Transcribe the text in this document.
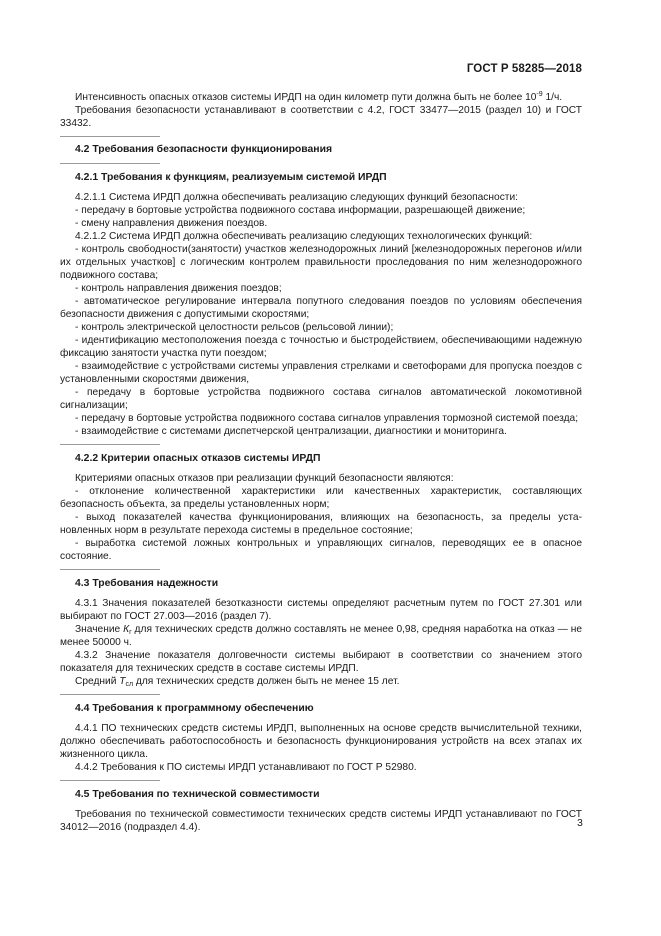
ГОСТ Р 58285—2018

Интенсивность опасных отказов системы ИРДП на один километр пути должна быть не более $10^{-9}$ 1/ч.

Требования безопасности устанавливают в соответствии с 4.2, ГОСТ 33477—2015 (раздел 10) и ГОСТ 33432.

4.2 Требования безопасности функционирования
4.2.1 Требования к функциям, реализуемым системой ИРДП

4.2.1.1 Система ИРДП должна обеспечивать реализацию следующих функций безопасности:

- передачу в бортовые устройства подвижного состава информации, разрешающей движение;

- смену направления движения поездов.

4.2.1.2 Система ИРДП должна обеспечивать реализацию следующих технологических функций:

- контроль свободности(занятости) участков железнодорожных линий [железнодорожных перегонов и/или их отдельных участков] с логическим контролем правильности проследования по ним железнодорожного подвижного состава;

- контроль направления движения поездов;

- автоматическое регулирование интервала попутного следования поездов по условиям обеспечения безопасности движения с допустимыми скоростями;

- контроль электрической целостности рельсов (рельсовой линии);

- идентификацию местоположения поезда с точностью и быстродействием, обеспечивающими надежную фиксацию занятости участка пути поездом;

- взаимодействие с устройствами системы управления стрелками и светофорами для пропуска поездов с установленными скоростями движения,

- передачу в бортовые устройства подвижного состава сигналов автоматической локомотивной сигнализации;

- передачу в бортовые устройства подвижного состава сигналов управления тормозной системой поезда;

- взаимодействие с системами диспетчерской централизации, диагностики и мониторинга.

4.2.2 Критерии опасных отказов системы ИРДП

Критериями опасных отказов при реализации функций безопасности являются:

- отклонение количественной характеристики или качественных характеристик, составляющих безопасность объекта, за пределы установленных норм;

- выход показателей качества функционирования, влияющих на безопасность, за пределы уста-новленных норм в результате перехода системы в предельное состояние;

- выработка системой ложных контрольных и управляющих сигналов, переводящих ее в опасное состояние.

4.3 Требования надежности

4.3.1 Значения показателей безотказности системы определяют расчетным путем по ГОСТ 27.301 или выбирают по ГОСТ 27.003—2016 (раздел 7).

Значение $К_г$ для технических средств должно составлять не менее 0,98, средняя наработка на отказ — не менее 50000 ч.

4.3.2 Значение показателя долговечности системы выбирают в соответствии со значением этого показателя для технических средств в составе системы ИРДП.

Средний $Т_{сл}$ для технических средств должен быть не менее 15 лет.

4.4 Требования к программному обеспечению

4.4.1 ПО технических средств системы ИРДП, выполненных на основе средств вычислительной техники, должно обеспечивать работоспособность и безопасность функционирования устройств на всех этапах их жизненного цикла.

4.4.2 Требования к ПО системы ИРДП устанавливают по ГОСТ Р 52980.

4.5 Требования по технической совместимости

Требования по технической совместимости технических средств системы ИРДП устанавливают по ГОСТ 34012—2016 (подраздел 4.4).	3
